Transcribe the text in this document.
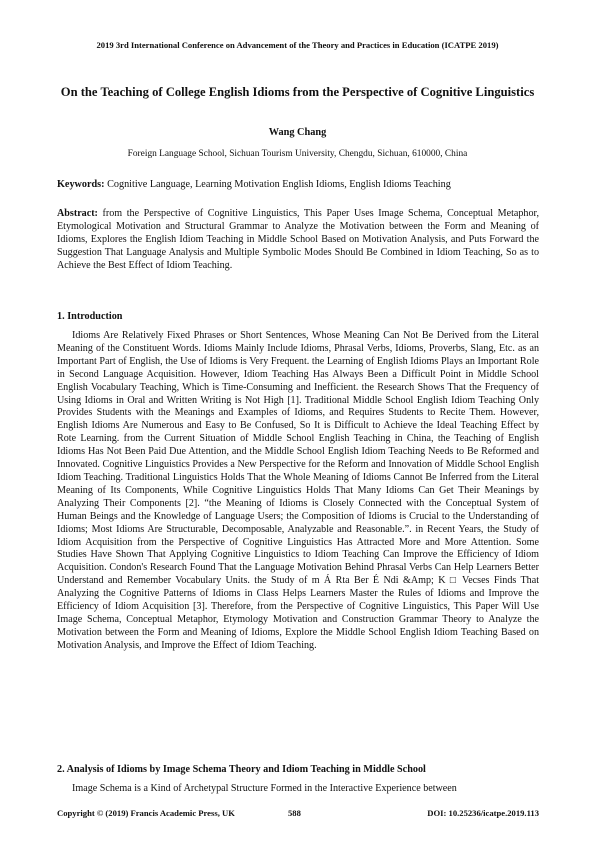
2019 3rd International Conference on Advancement of the Theory and Practices in Education (ICATPE 2019)
On the Teaching of College English Idioms from the Perspective of Cognitive Linguistics
Wang Chang
Foreign Language School, Sichuan Tourism University, Chengdu, Sichuan, 610000, China
Keywords: Cognitive Language, Learning Motivation English Idioms, English Idioms Teaching
Abstract: from the Perspective of Cognitive Linguistics, This Paper Uses Image Schema, Conceptual Metaphor, Etymological Motivation and Structural Grammar to Analyze the Motivation between the Form and Meaning of Idioms, Explores the English Idiom Teaching in Middle School Based on Motivation Analysis, and Puts Forward the Suggestion That Language Analysis and Multiple Symbolic Modes Should Be Combined in Idiom Teaching, So as to Achieve the Best Effect of Idiom Teaching.
1. Introduction
Idioms Are Relatively Fixed Phrases or Short Sentences, Whose Meaning Can Not Be Derived from the Literal Meaning of the Constituent Words. Idioms Mainly Include Idioms, Phrasal Verbs, Idioms, Proverbs, Slang, Etc. as an Important Part of English, the Use of Idioms is Very Frequent. the Learning of English Idioms Plays an Important Role in Second Language Acquisition. However, Idiom Teaching Has Always Been a Difficult Point in Middle School English Vocabulary Teaching, Which is Time-Consuming and Inefficient. the Research Shows That the Frequency of Using Idioms in Oral and Written Writing is Not High [1]. Traditional Middle School English Idiom Teaching Only Provides Students with the Meanings and Examples of Idioms, and Requires Students to Recite Them. However, English Idioms Are Numerous and Easy to Be Confused, So It is Difficult to Achieve the Ideal Teaching Effect by Rote Learning. from the Current Situation of Middle School English Teaching in China, the Teaching of English Idioms Has Not Been Paid Due Attention, and the Middle School English Idiom Teaching Needs to Be Reformed and Innovated. Cognitive Linguistics Provides a New Perspective for the Reform and Innovation of Middle School English Idiom Teaching. Traditional Linguistics Holds That the Whole Meaning of Idioms Cannot Be Inferred from the Literal Meaning of Its Components, While Cognitive Linguistics Holds That Many Idioms Can Get Their Meanings by Analyzing Their Components [2]. “the Meaning of Idioms is Closely Connected with the Conceptual System of Human Beings and the Knowledge of Language Users; the Composition of Idioms is Crucial to the Understanding of Idioms; Most Idioms Are Structurable, Decomposable, Analyzable and Reasonable.”. in Recent Years, the Study of Idiom Acquisition from the Perspective of Cognitive Linguistics Has Attracted More and More Attention. Some Studies Have Shown That Applying Cognitive Linguistics to Idiom Teaching Can Improve the Efficiency of Idiom Acquisition. Condon's Research Found That the Language Motivation Behind Phrasal Verbs Can Help Learners Better Understand and Remember Vocabulary Units. the Study of m Á Rta Ber É Ndi &Amp; K □ Vecses Finds That Analyzing the Cognitive Patterns of Idioms in Class Helps Learners Master the Rules of Idioms and Improve the Efficiency of Idiom Acquisition [3]. Therefore, from the Perspective of Cognitive Linguistics, This Paper Will Use Image Schema, Conceptual Metaphor, Etymology Motivation and Construction Grammar Theory to Analyze the Motivation between the Form and Meaning of Idioms, Explore the Middle School English Idiom Teaching Based on Motivation Analysis, and Improve the Effect of Idiom Teaching.
2. Analysis of Idioms by Image Schema Theory and Idiom Teaching in Middle School
Image Schema is a Kind of Archetypal Structure Formed in the Interactive Experience between
Copyright © (2019) Francis Academic Press, UK	588	DOI: 10.25236/icatpe.2019.113
